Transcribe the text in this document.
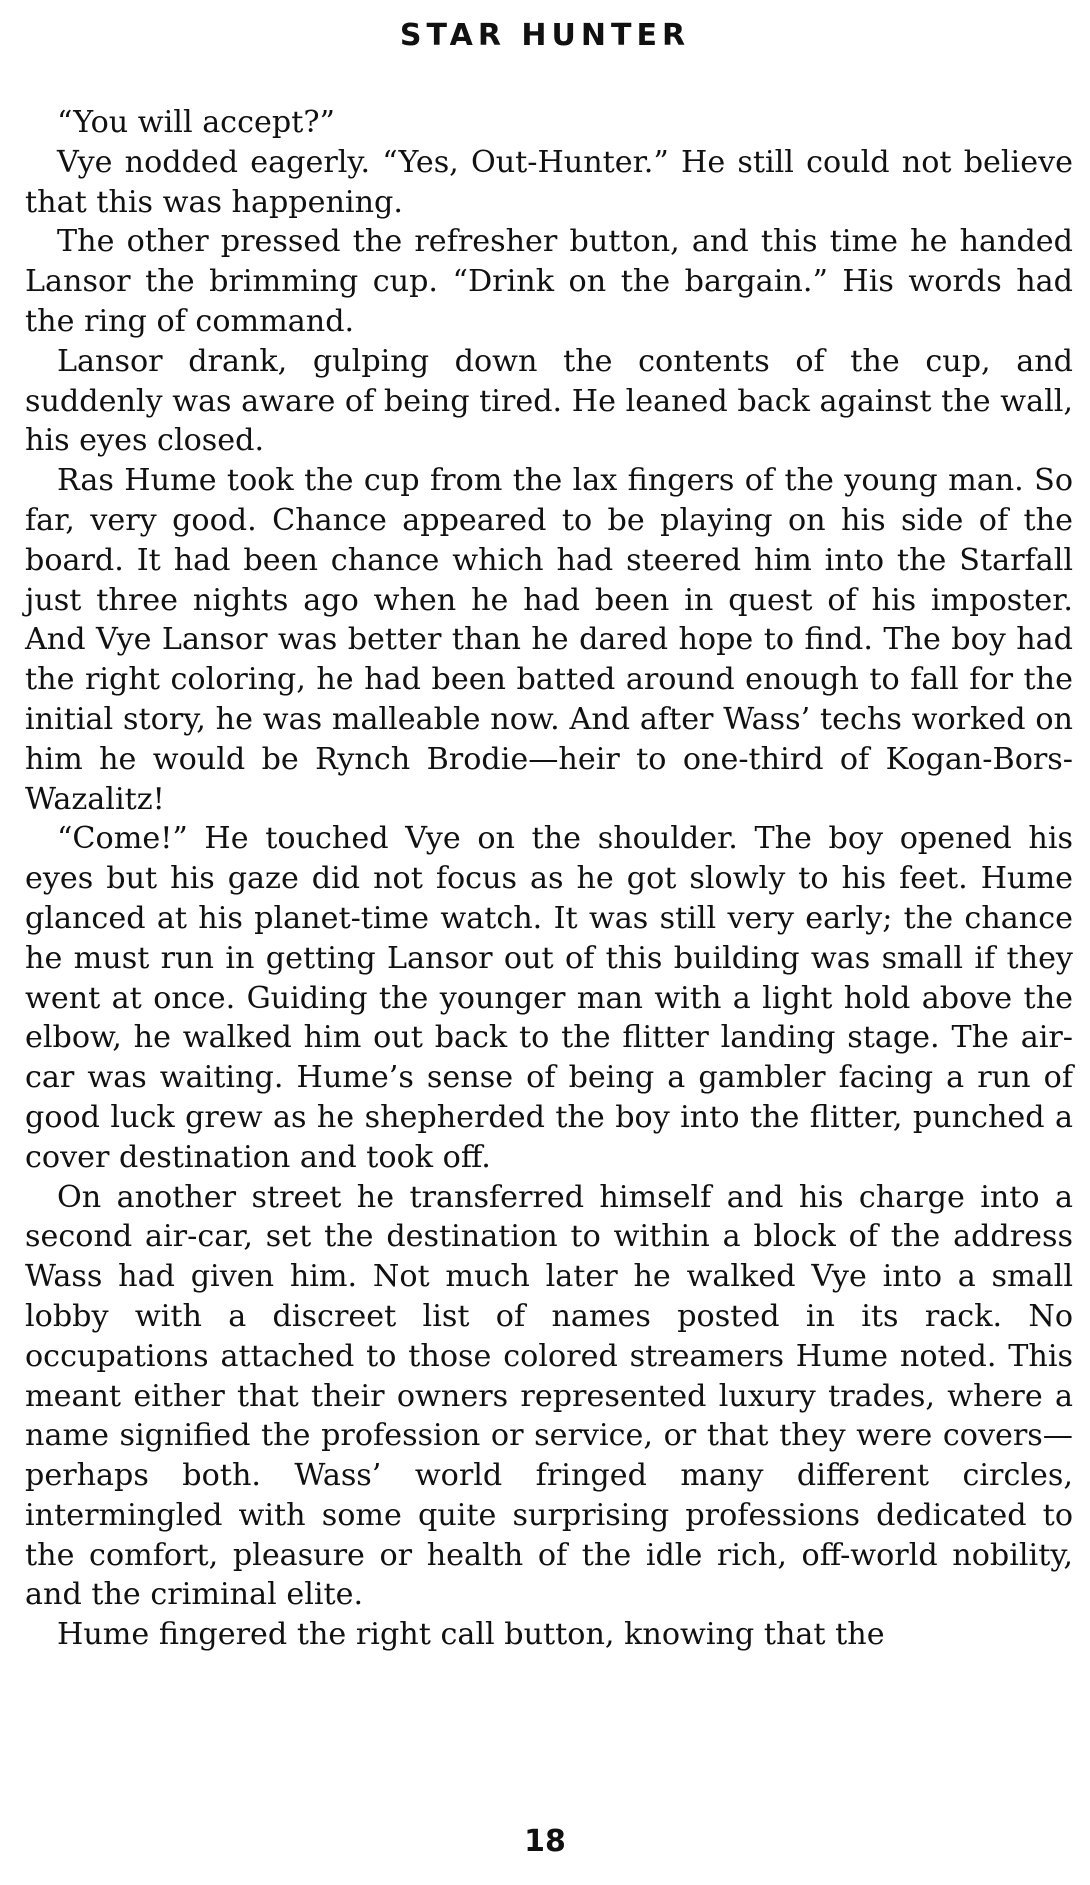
STAR HUNTER

“You will accept?”

Vye nodded eagerly. “Yes, Out-Hunter.” He still could not believe that this was happening.

The other pressed the refresher button, and this time he handed Lansor the brimming cup. “Drink on the bargain.” His words had the ring of command.

Lansor drank, gulping down the contents of the cup, and suddenly was aware of being tired. He leaned back against the wall, his eyes closed.

Ras Hume took the cup from the lax fingers of the young man. So far, very good. Chance appeared to be playing on his side of the board. It had been chance which had steered him into the Starfall just three nights ago when he had been in quest of his imposter. And Vye Lansor was better than he dared hope to find. The boy had the right coloring, he had been batted around enough to fall for the initial story, he was malleable now. And after Wass’ techs worked on him he would be Rynch Brodie—heir to one-third of Kogan-Bors-Wazalitz!

“Come!” He touched Vye on the shoulder. The boy opened his eyes but his gaze did not focus as he got slowly to his feet. Hume glanced at his planet-time watch. It was still very early; the chance he must run in getting Lansor out of this building was small if they went at once. Guiding the younger man with a light hold above the elbow, he walked him out back to the flitter landing stage. The air-car was waiting. Hume’s sense of being a gambler facing a run of good luck grew as he shepherded the boy into the flitter, punched a cover destination and took off.

On another street he transferred himself and his charge into a second air-car, set the destination to within a block of the address Wass had given him. Not much later he walked Vye into a small lobby with a discreet list of names posted in its rack. No occupations attached to those colored streamers Hume noted. This meant either that their owners represented luxury trades, where a name signified the profession or service, or that they were covers—perhaps both. Wass’ world fringed many different circles, intermingled with some quite surprising professions dedicated to the comfort, pleasure or health of the idle rich, off-world nobility, and the criminal elite.

Hume fingered the right call button, knowing that the

18
